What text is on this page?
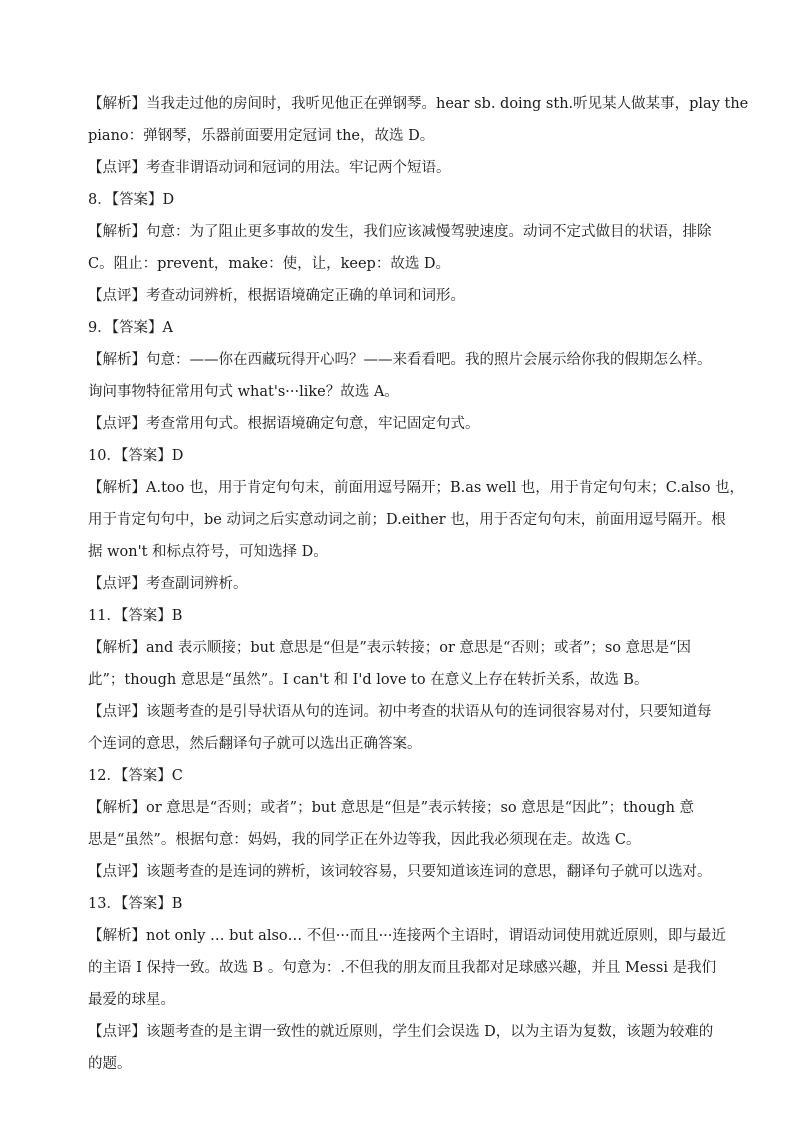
【解析】当我走过他的房间时，我听见他正在弹钢琴。hear sb. doing sth.听见某人做某事，play the

piano：弹钢琴，乐器前面要用定冠词 the，故选 D。

【点评】考查非谓语动词和冠词的用法。牢记两个短语。

8．【答案】D

【解析】句意：为了阻止更多事故的发生，我们应该减慢驾驶速度。动词不定式做目的状语，排除

C。阻止：prevent，make：使，让，keep：故选 D。

【点评】考查动词辨析，根据语境确定正确的单词和词形。

9．【答案】A

【解析】句意：——你在西藏玩得开心吗？——来看看吧。我的照片会展示给你我的假期怎么样。

询问事物特征常用句式 what's···like？故选 A。

【点评】考查常用句式。根据语境确定句意，牢记固定句式。

10．【答案】D

【解析】A.too 也，用于肯定句句末，前面用逗号隔开；B.as well 也，用于肯定句句末；C.also 也，

用于肯定句句中，be 动词之后实意动词之前；D.either 也，用于否定句句末，前面用逗号隔开。根

据 won't 和标点符号，可知选择 D。

【点评】考查副词辨析。

11．【答案】B

【解析】and 表示顺接；but 意思是“但是”表示转接；or 意思是“否则；或者”；so 意思是“因

此”；though 意思是“虽然”。I can't 和 I'd love to 在意义上存在转折关系，故选 B。

【点评】该题考查的是引导状语从句的连词。初中考查的状语从句的连词很容易对付，只要知道每

个连词的意思，然后翻译句子就可以选出正确答案。

12．【答案】C

【解析】or 意思是“否则；或者”；but 意思是“但是”表示转接；so 意思是“因此”；though 意

思是“虽然”。根据句意：妈妈，我的同学正在外边等我，因此我必须现在走。故选 C。

【点评】该题考查的是连词的辨析，该词较容易，只要知道该连词的意思，翻译句子就可以选对。

13．【答案】B

【解析】not only … but also… 不但···而且···连接两个主语时，谓语动词使用就近原则，即与最近

的主语 I 保持一致。故选 B 。句意为：.不但我的朋友而且我都对足球感兴趣，并且 Messi 是我们

最爱的球星。

【点评】该题考查的是主谓一致性的就近原则，学生们会误选 D，以为主语为复数，该题为较难的

的题。
